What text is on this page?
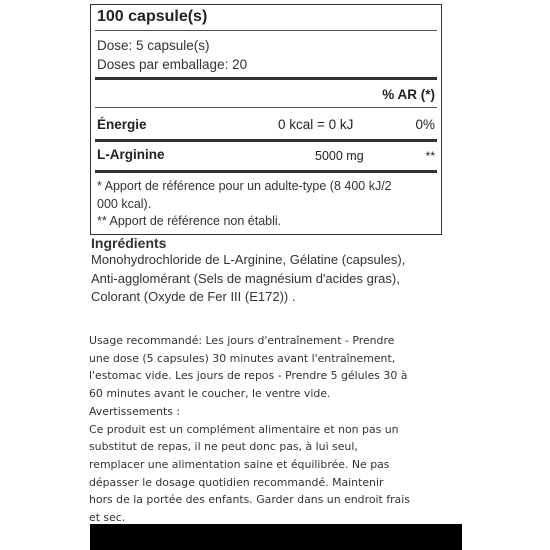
100 capsule(s)
Dose: 5 capsule(s)
Doses par emballage: 20
% AR (*)
Énergie	0 kcal = 0 kJ	0%
L-Arginine	5000 mg	**
* Apport de référence pour un adulte-type (8 400 kJ/2
000 kcal).
** Apport de référence non établi.
Ingrédients
Monohydrochloride de L-Arginine, Gélatine (capsules),
Anti-agglomérant (Sels de magnésium d'acides gras),
Colorant (Oxyde de Fer III (E172)) .
Usage recommandé: Les jours d'entraînement - Prendre
une dose (5 capsules) 30 minutes avant l'entraînement,
l'estomac vide. Les jours de repos - Prendre 5 gélules 30 à
60 minutes avant le coucher, le ventre vide.
Avertissements :
Ce produit est un complément alimentaire et non pas un
substitut de repas, il ne peut donc pas, à lui seul,
remplacer une alimentation saine et équilibrée. Ne pas
dépasser le dosage quotidien recommandé. Maintenir
hors de la portée des enfants. Garder dans un endroit frais
et sec.
